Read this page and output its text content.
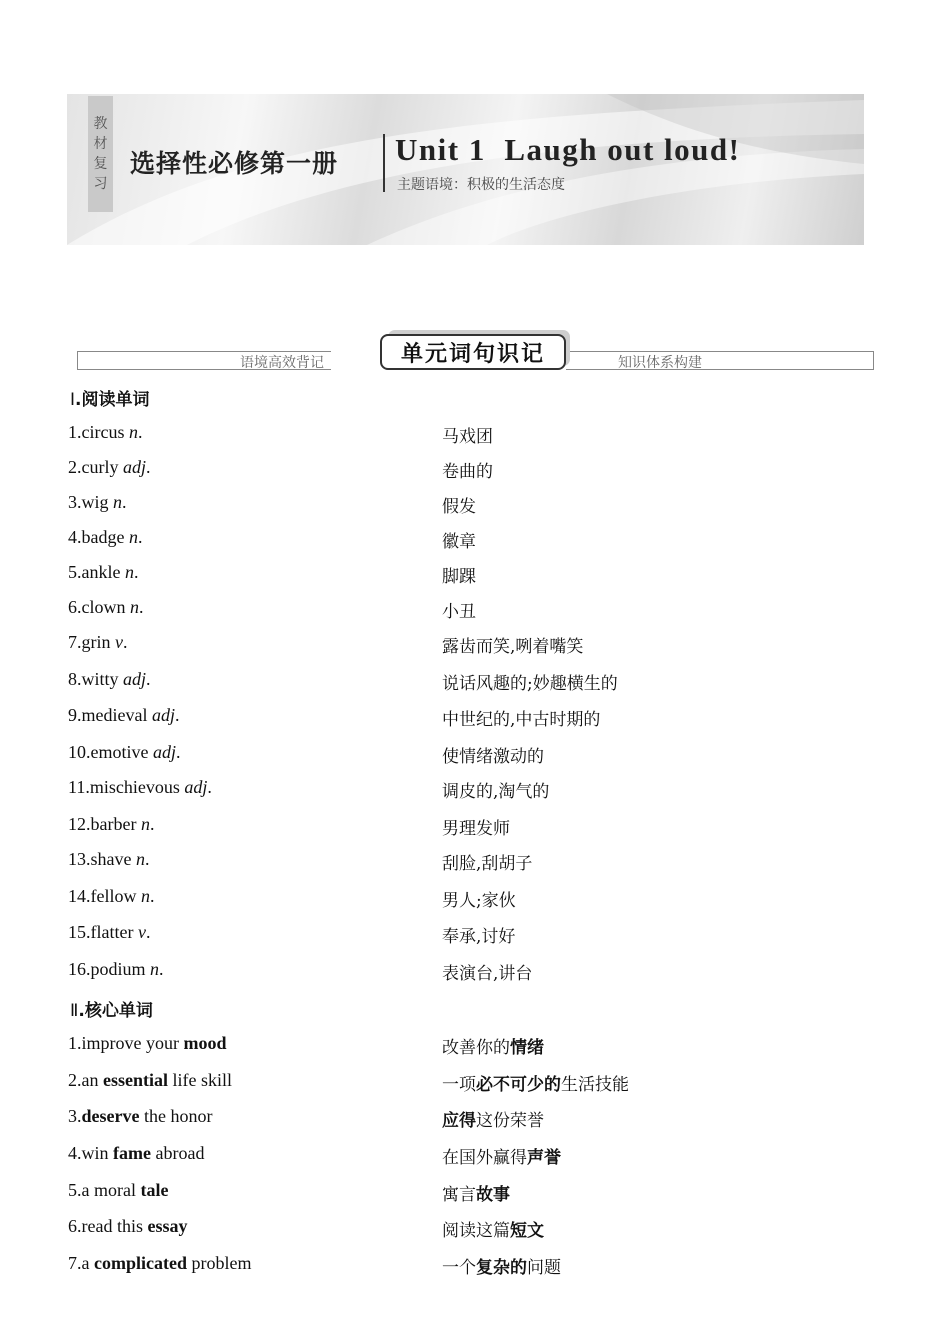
教
材
复
习
选择性必修第一册 Unit 1  Laugh out loud!
主题语境：积极的生活态度
语境高效背记	知识体系构建
单元词句识记
Ⅰ.阅读单词
1.circus n.	马戏团
2.curly adj.	卷曲的
3.wig n.	假发
4.badge n.	徽章
5.ankle n.	脚踝
6.clown n.	小丑
7.grin v.	露齿而笑,咧着嘴笑
8.witty adj.	说话风趣的;妙趣横生的
9.medieval adj.	中世纪的,中古时期的
10.emotive adj.	使情绪激动的
11.mischievous adj.	调皮的,淘气的
12.barber n.	男理发师
13.shave n.	刮脸,刮胡子
14.fellow n.	男人;家伙
15.flatter v.	奉承,讨好
16.podium n.	表演台,讲台
Ⅱ.核心单词
1.improve your mood	改善你的情绪
2.an essential life skill	一项必不可少的生活技能
3.deserve the honor	应得这份荣誉
4.win fame abroad	在国外赢得声誉
5.a moral tale	寓言故事
6.read this essay	阅读这篇短文
7.a complicated problem	一个复杂的问题
